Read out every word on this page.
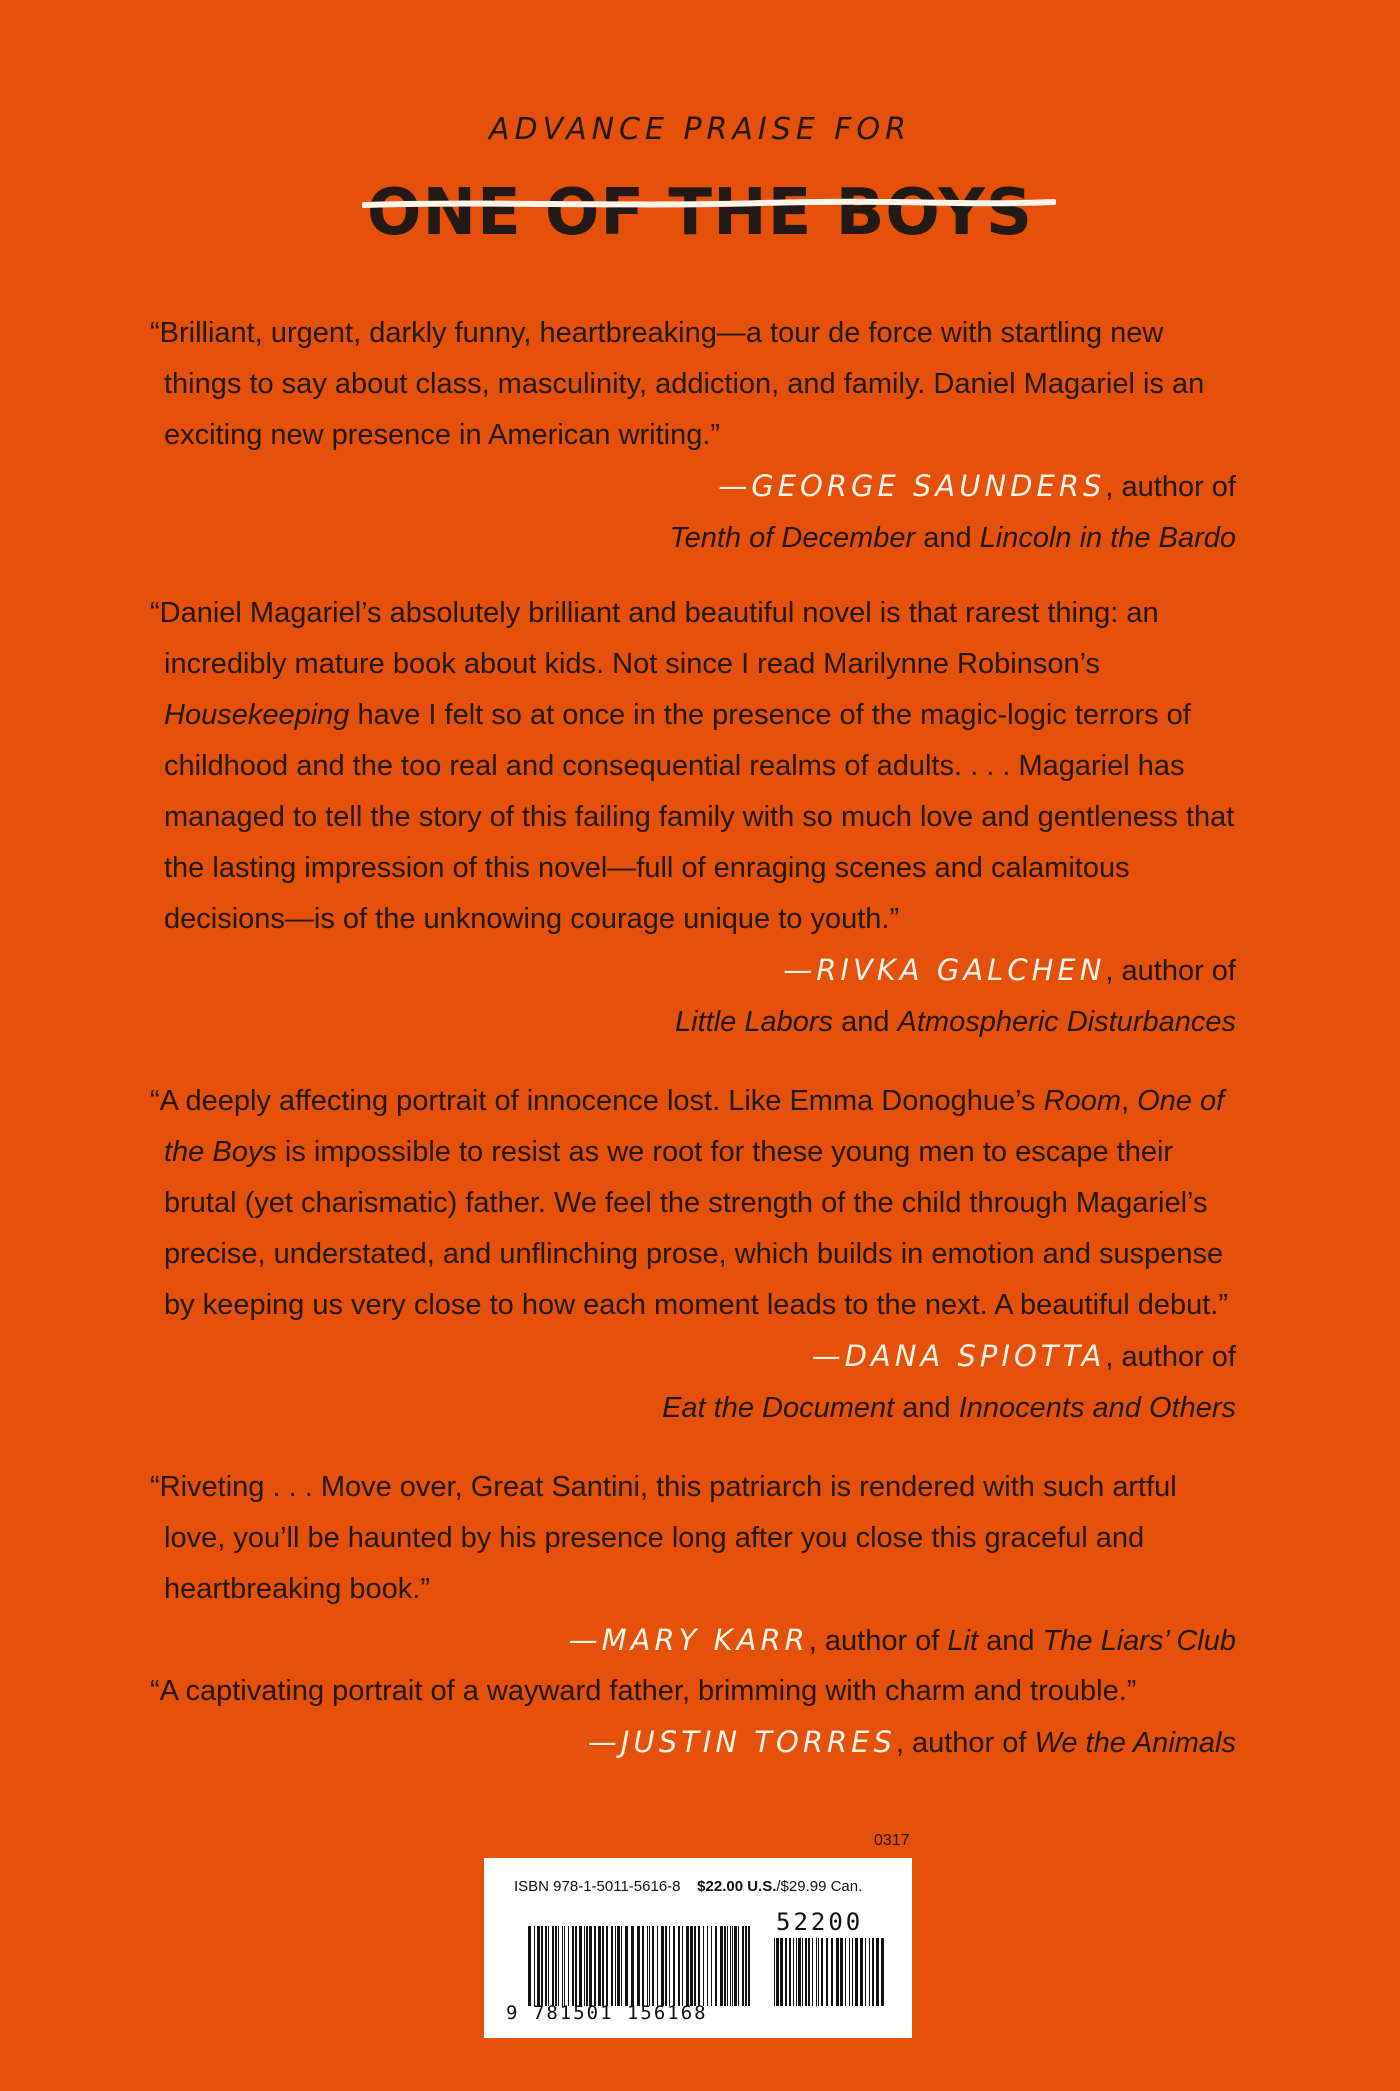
ADVANCE PRAISE FOR
ONE OF THE BOYS
“Brilliant, urgent, darkly funny, heartbreaking—a tour de force with startling new things to say about class, masculinity, addiction, and family. Daniel Magariel is an exciting new presence in American writing.”
—GEORGE SAUNDERS, author of
Tenth of December and Lincoln in the Bardo
“Daniel Magariel’s absolutely brilliant and beautiful novel is that rarest thing: an incredibly mature book about kids. Not since I read Marilynne Robinson’s Housekeeping have I felt so at once in the presence of the magic-logic terrors of childhood and the too real and consequential realms of adults. . . . Magariel has managed to tell the story of this failing family with so much love and gentleness that the lasting impression of this novel—full of enraging scenes and calamitous decisions—is of the unknowing courage unique to youth.”
—RIVKA GALCHEN, author of
Little Labors and Atmospheric Disturbances
“A deeply affecting portrait of innocence lost. Like Emma Donoghue’s Room, One of the Boys is impossible to resist as we root for these young men to escape their brutal (yet charismatic) father. We feel the strength of the child through Magariel’s precise, understated, and unflinching prose, which builds in emotion and suspense by keeping us very close to how each moment leads to the next. A beautiful debut.”
—DANA SPIOTTA, author of
Eat the Document and Innocents and Others
“Riveting . . . Move over, Great Santini, this patriarch is rendered with such artful love, you’ll be haunted by his presence long after you close this graceful and heartbreaking book.”
—MARY KARR, author of Lit and The Liars’ Club
“A captivating portrait of a wayward father, brimming with charm and trouble.”
—JUSTIN TORRES, author of We the Animals
0317
ISBN 978-1-5011-5616-8 $22.00 U.S./$29.99 Can.
52200
9 781501 156168
